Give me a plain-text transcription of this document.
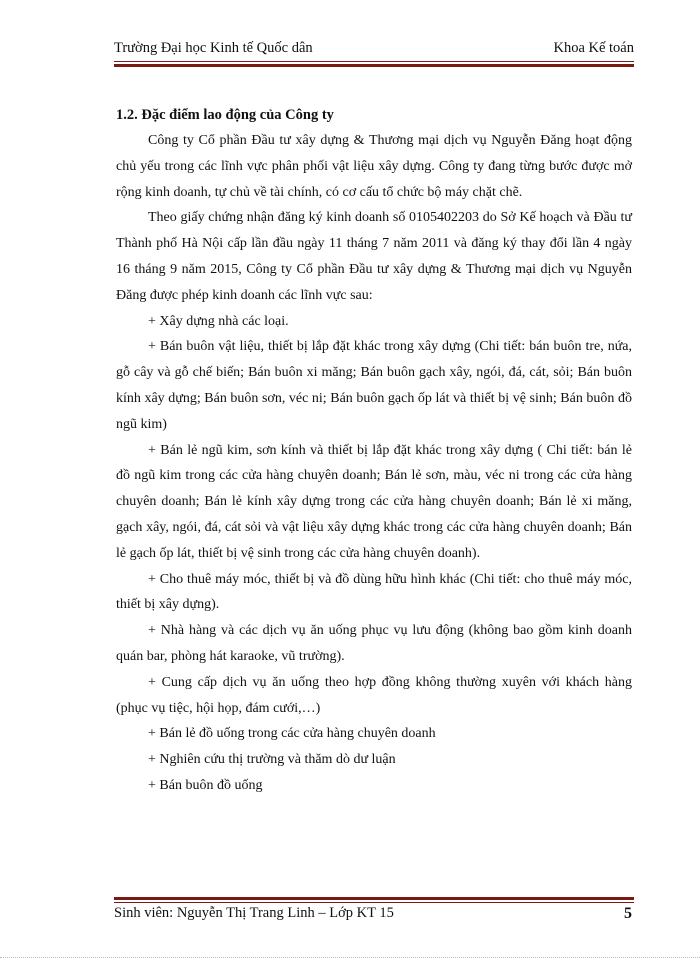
Trường Đại học Kinh tế Quốc dân	Khoa Kế toán
1.2. Đặc điểm lao động của Công ty

Công ty Cổ phần Đầu tư xây dựng & Thương mại dịch vụ Nguyễn Đăng hoạt động chủ yếu trong các lĩnh vực phân phối vật liệu xây dựng. Công ty đang từng bước được mở rộng kinh doanh, tự chủ về tài chính, có cơ cấu tổ chức bộ máy chặt chẽ.

Theo giấy chứng nhận đăng ký kinh doanh số 0105402203 do Sở Kế hoạch và Đầu tư Thành phố Hà Nội cấp lần đầu ngày 11 tháng 7 năm 2011 và đăng ký thay đổi lần 4 ngày 16 tháng 9 năm 2015, Công ty Cổ phần Đầu tư xây dựng & Thương mại dịch vụ Nguyễn Đăng được phép kinh doanh các lĩnh vực sau:

+ Xây dựng nhà các loại.

+ Bán buôn vật liệu, thiết bị lắp đặt khác trong xây dựng (Chi tiết: bán buôn tre, nứa, gỗ cây và gỗ chế biến; Bán buôn xi măng; Bán buôn gạch xây, ngói, đá, cát, sỏi; Bán buôn kính xây dựng; Bán buôn sơn, véc ni; Bán buôn gạch ốp lát và thiết bị vệ sinh; Bán buôn đồ ngũ kim)

+ Bán lẻ ngũ kim, sơn kính và thiết bị lắp đặt khác trong xây dựng ( Chi tiết: bán lẻ đồ ngũ kim trong các cửa hàng chuyên doanh; Bán lẻ sơn, màu, véc ni trong các cửa hàng chuyên doanh; Bán lẻ kính xây dựng trong các cửa hàng chuyên doanh; Bán lẻ xi măng, gạch xây, ngói, đá, cát sỏi và vật liệu xây dựng khác trong các cửa hàng chuyên doanh; Bán lẻ gạch ốp lát, thiết bị vệ sinh trong các cửa hàng chuyên doanh).

+ Cho thuê máy móc, thiết bị và đồ dùng hữu hình khác (Chi tiết: cho thuê máy móc, thiết bị xây dựng).

+ Nhà hàng và các dịch vụ ăn uống phục vụ lưu động (không bao gồm kinh doanh quán bar, phòng hát karaoke, vũ trường).

+ Cung cấp dịch vụ ăn uống theo hợp đồng không thường xuyên với khách hàng (phục vụ tiệc, hội họp, đám cưới,…)

+ Bán lẻ đồ uống trong các cửa hàng chuyên doanh

+ Nghiên cứu thị trường và thăm dò dư luận

+ Bán buôn đồ uống

Sinh viên: Nguyễn Thị Trang Linh – Lớp KT 15	5
